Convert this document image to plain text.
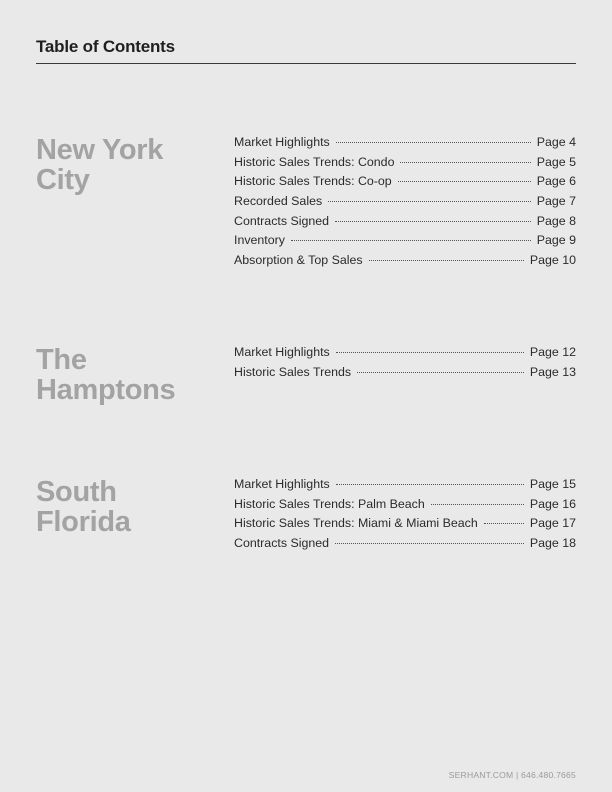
Table of Contents
New York
City
Market Highlights	Page 4
Historic Sales Trends: Condo	Page 5
Historic Sales Trends: Co-op	Page 6
Recorded Sales	Page 7
Contracts Signed	Page 8
Inventory	Page 9
Absorption & Top Sales	Page 10
The
Hamptons
Market Highlights	Page 12
Historic Sales Trends	Page 13
South
Florida
Market Highlights	Page 15
Historic Sales Trends: Palm Beach	Page 16
Historic Sales Trends: Miami & Miami Beach	Page 17
Contracts Signed	Page 18
SERHANT.COM | 646.480.7665
